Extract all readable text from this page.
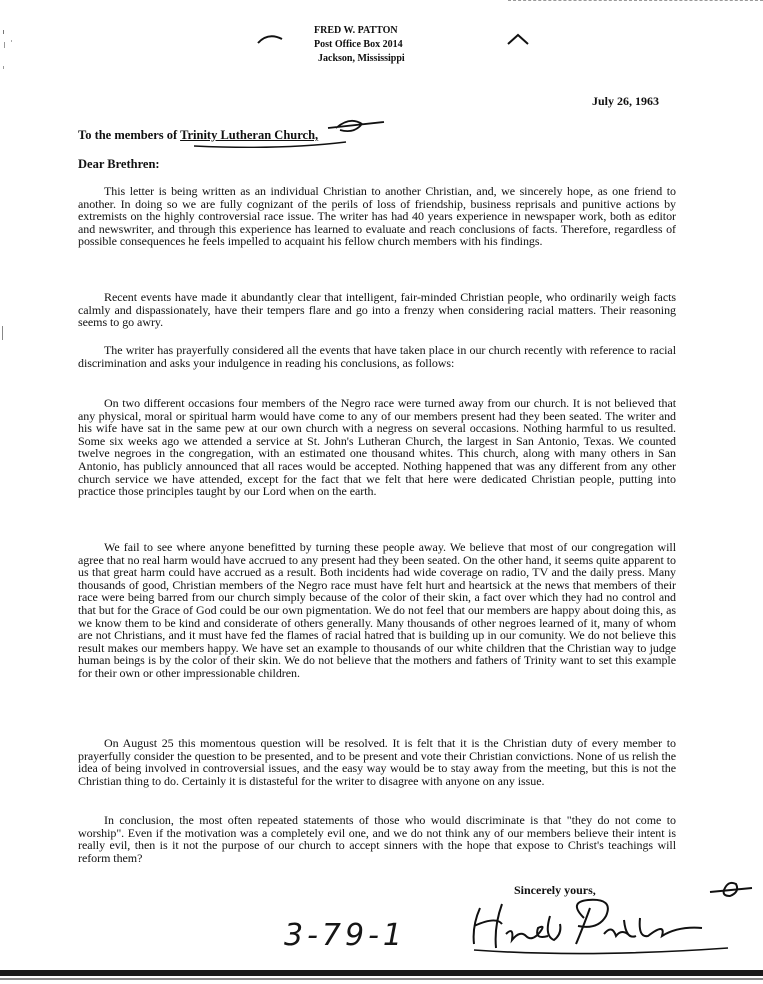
FRED W. PATTON
Post Office Box 2014
Jackson, Mississippi
July 26, 1963
To the members of Trinity Lutheran Church,
Dear Brethren:

This letter is being written as an individual Christian to another Christian, and, we sincerely hope, as one friend to another. In doing so we are fully cognizant of the perils of loss of friendship, business reprisals and punitive actions by extremists on the highly controversial race issue. The writer has had 40 years experience in newspaper work, both as editor and newswriter, and through this experience has learned to evaluate and reach conclusions of facts. Therefore, regardless of possible consequences he feels impelled to acquaint his fellow church members with his findings.

Recent events have made it abundantly clear that intelligent, fair-minded Christian people, who ordinarily weigh facts calmly and dispassionately, have their tempers flare and go into a frenzy when considering racial matters. Their reasoning seems to go awry.

The writer has prayerfully considered all the events that have taken place in our church recently with reference to racial discrimination and asks your indulgence in reading his conclusions, as follows:

On two different occasions four members of the Negro race were turned away from our church. It is not believed that any physical, moral or spiritual harm would have come to any of our members present had they been seated. The writer and his wife have sat in the same pew at our own church with a negress on several occasions. Nothing harmful to us resulted. Some six weeks ago we attended a service at St. John's Lutheran Church, the largest in San Antonio, Texas. We counted twelve negroes in the congregation, with an estimated one thousand whites. This church, along with many others in San Antonio, has publicly announced that all races would be accepted. Nothing happened that was any different from any other church service we have attended, except for the fact that we felt that here were dedicated Christian people, putting into practice those principles taught by our Lord when on the earth.

We fail to see where anyone benefitted by turning these people away. We believe that most of our congregation will agree that no real harm would have accrued to any present had they been seated. On the other hand, it seems quite apparent to us that great harm could have accrued as a result. Both incidents had wide coverage on radio, TV and the daily press. Many thousands of good, Christian members of the Negro race must have felt hurt and heartsick at the news that members of their race were being barred from our church simply because of the color of their skin, a fact over which they had no control and that but for the Grace of God could be our own pigmentation. We do not feel that our members are happy about doing this, as we know them to be kind and considerate of others generally. Many thousands of other negroes learned of it, many of whom are not Christians, and it must have fed the flames of racial hatred that is building up in our comunity. We do not believe this result makes our members happy. We have set an example to thousands of our white children that the Christian way to judge human beings is by the color of their skin. We do not believe that the mothers and fathers of Trinity want to set this example for their own or other impressionable children.

On August 25 this momentous question will be resolved. It is felt that it is the Christian duty of every member to prayerfully consider the question to be presented, and to be present and vote their Christian convictions. None of us relish the idea of being involved in controversial issues, and the easy way would be to stay away from the meeting, but this is not the Christian thing to do. Certainly it is distasteful for the writer to disagree with anyone on any issue.

In conclusion, the most often repeated statements of those who would discriminate is that "they do not come to worship". Even if the motivation was a completely evil one, and we do not think any of our members believe their intent is really evil, then is it not the purpose of our church to accept sinners with the hope that expose to Christ's teachings will reform them?

Sincerely yours,
3-79-1
